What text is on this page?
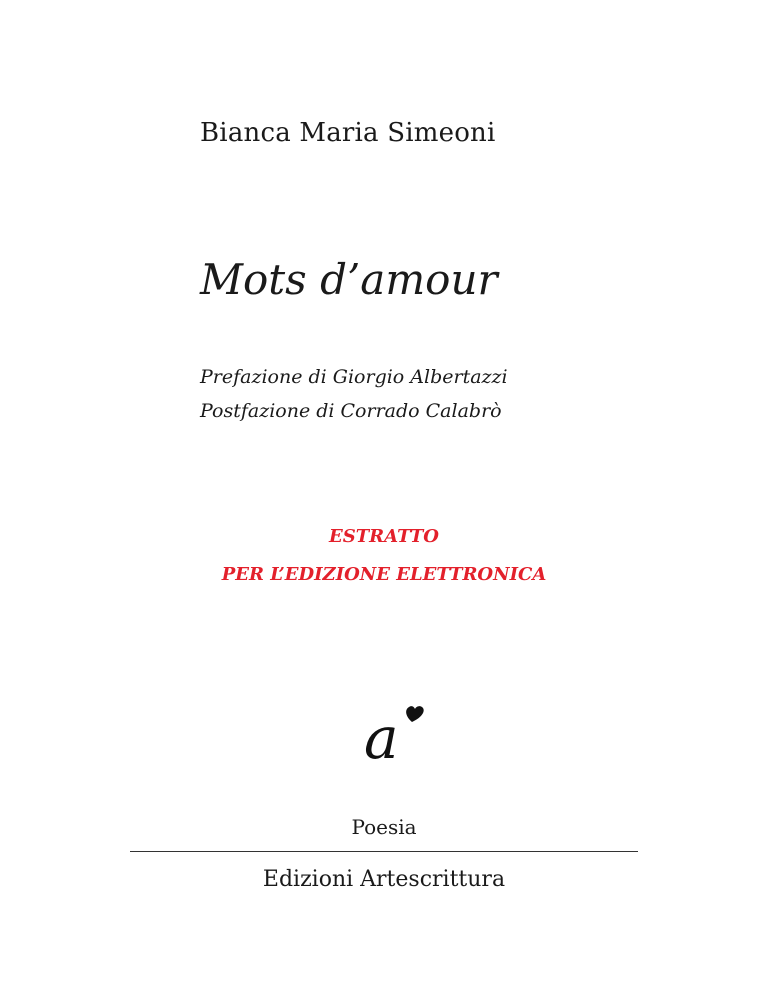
Bianca Maria Simeoni
Mots d’amour
Prefazione di Giorgio Albertazzi
Postfazione di Corrado Calabrò
ESTRATTO
PER L’EDIZIONE ELETTRONICA
a
Poesia
Edizioni Artescrittura
